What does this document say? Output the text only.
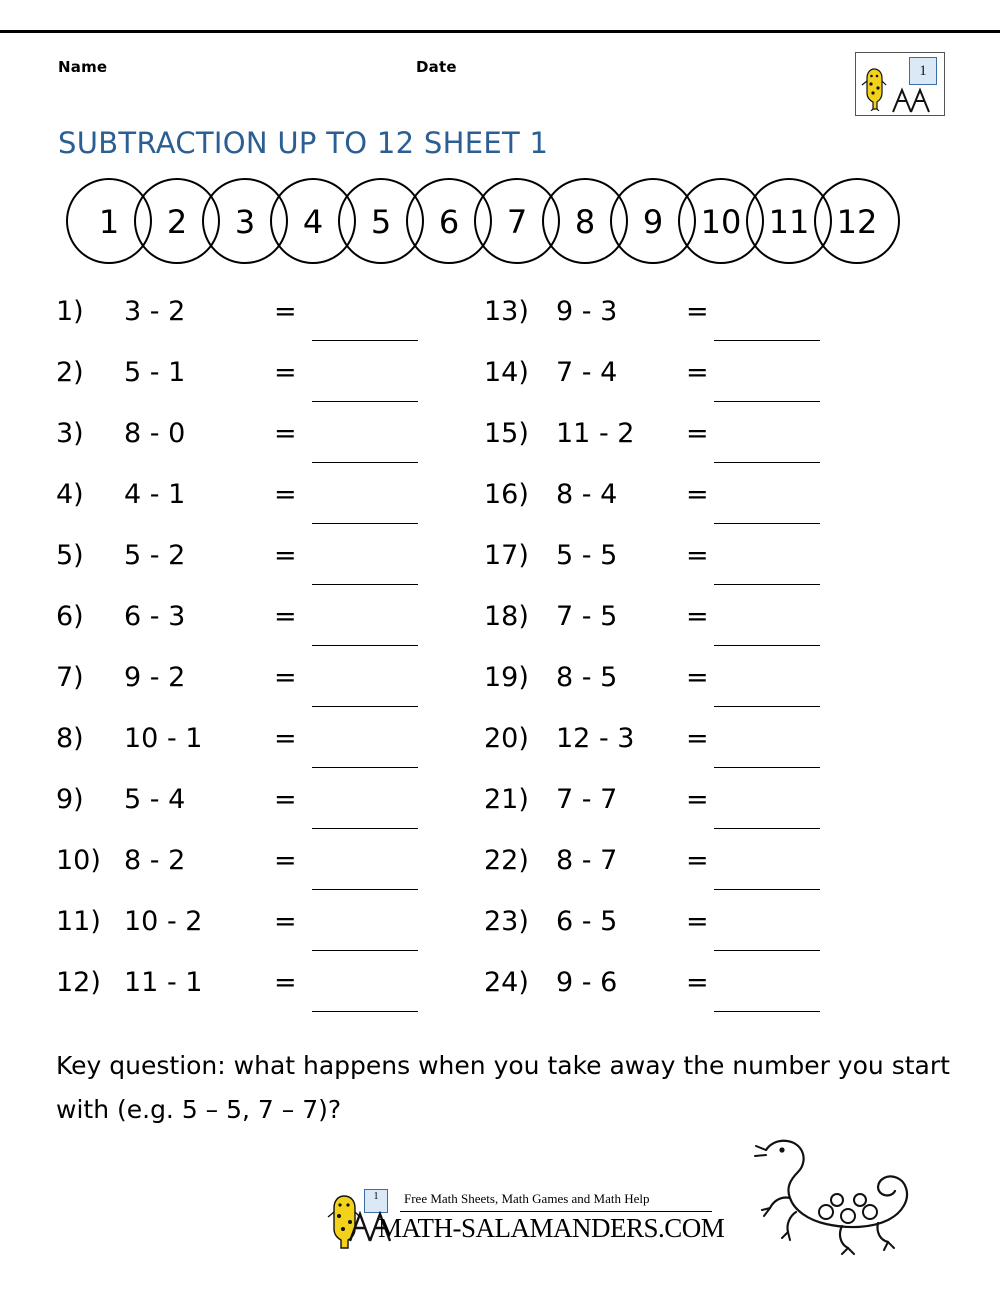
Name	Date	1
SUBTRACTION UP TO 12 SHEET 1
1	2	3	4	5	6	7	8	9	10 11 12
1)	3 - 2	=
2)	5 - 1	=
3)	8 - 0	=
4)	4 - 1	=
5)	5 - 2	=
6)	6 - 3	=
7)	9 - 2	=
8)	10 - 1	=
9)	5 - 4	=
10) 8 - 2	=
11) 10 - 2	=
12) 11 - 1	=
13)	9 - 3	=
14)	7 - 4	=
15)	11 - 2 =
16)	8 - 4	=
17)	5 - 5	=
18)	7 - 5	=
19)	8 - 5	=
20)	12 - 3 =
21)	7 - 7	=
22)	8 - 7	=
23)	6 - 5	=
24)	9 - 6	=
Key question: what happens when you take away the number you start with (e.g. 5 – 5, 7 – 7)?
1	Free Math Sheets, Math Games and Math Help
MATH-SALAMANDERS.COM
